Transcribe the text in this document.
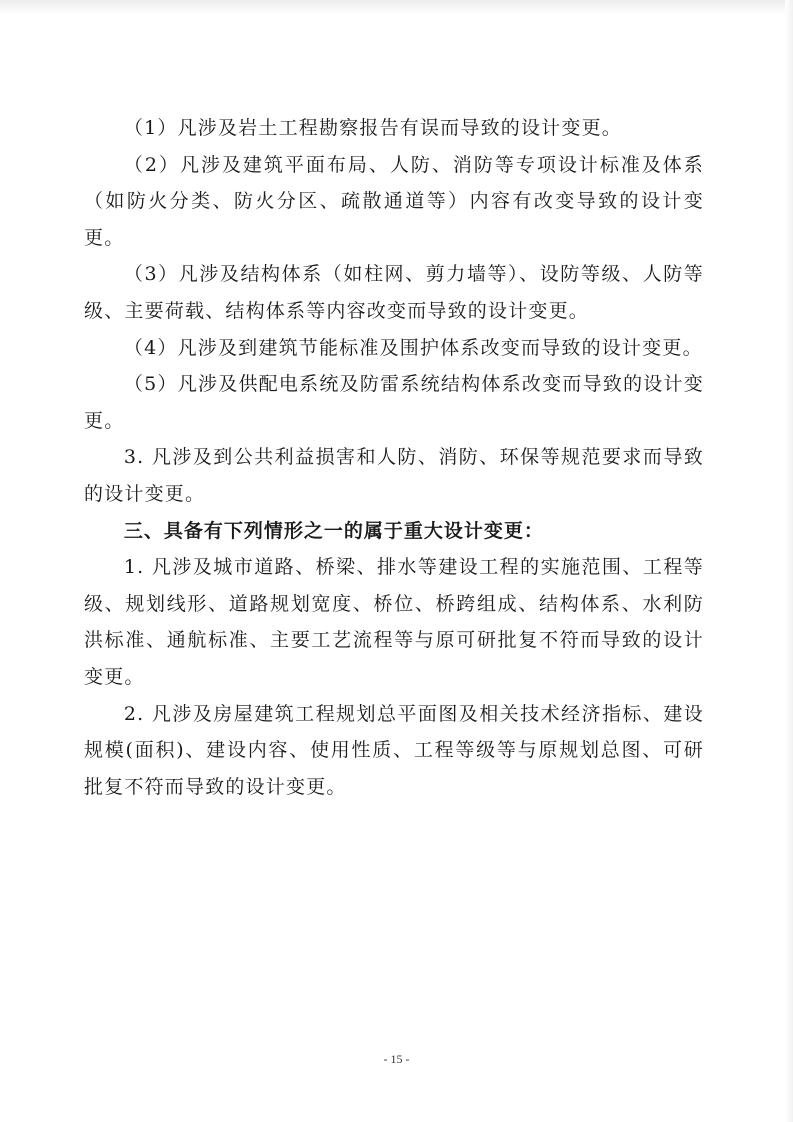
（1）凡涉及岩土工程勘察报告有误而导致的设计变更。

（2）凡涉及建筑平面布局、人防、消防等专项设计标准及体系（如防火分类、防火分区、疏散通道等）内容有改变导致的设计变更。

（3）凡涉及结构体系（如柱网、剪力墙等）、设防等级、人防等级、主要荷载、结构体系等内容改变而导致的设计变更。

（4）凡涉及到建筑节能标准及围护体系改变而导致的设计变更。

（5）凡涉及供配电系统及防雷系统结构体系改变而导致的设计变更。

3. 凡涉及到公共利益损害和人防、消防、环保等规范要求而导致的设计变更。

三、具备有下列情形之一的属于重大设计变更：

1. 凡涉及城市道路、桥梁、排水等建设工程的实施范围、工程等级、规划线形、道路规划宽度、桥位、桥跨组成、结构体系、水利防洪标准、通航标准、主要工艺流程等与原可研批复不符而导致的设计变更。

2. 凡涉及房屋建筑工程规划总平面图及相关技术经济指标、建设规模(面积)、建设内容、使用性质、工程等级等与原规划总图、可研批复不符而导致的设计变更。

- 15 -
